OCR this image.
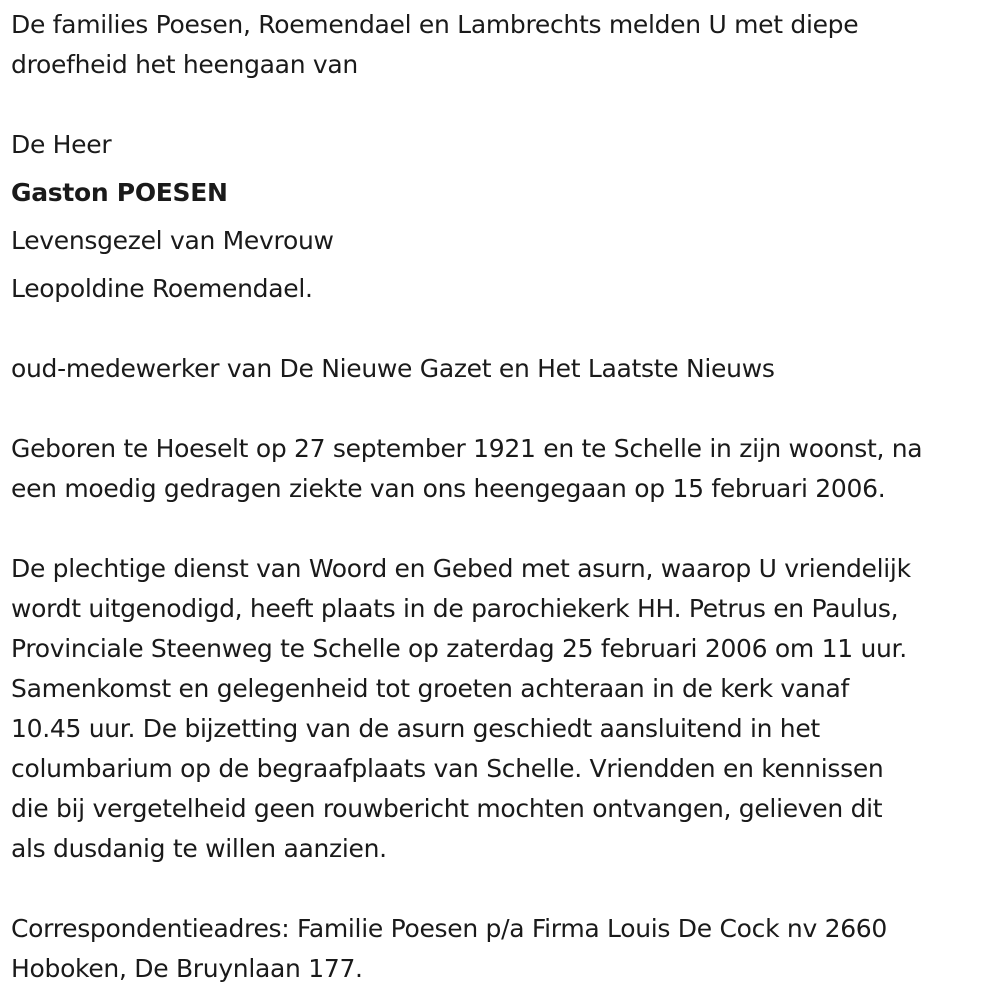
De families Poesen, Roemendael en Lambrechts melden U met diepe

droefheid het heengaan van

De Heer

Gaston POESEN

Levensgezel van Mevrouw

Leopoldine Roemendael.

oud-medewerker van De Nieuwe Gazet en Het Laatste Nieuws

Geboren te Hoeselt op 27 september 1921 en te Schelle in zijn woonst, na

een moedig gedragen ziekte van ons heengegaan op 15 februari 2006.

De plechtige dienst van Woord en Gebed met asurn, waarop U vriendelijk

wordt uitgenodigd, heeft plaats in de parochiekerk HH. Petrus en Paulus,

Provinciale Steenweg te Schelle op zaterdag 25 februari 2006 om 11 uur.

Samenkomst en gelegenheid tot groeten achteraan in de kerk vanaf

10.45 uur. De bijzetting van de asurn geschiedt aansluitend in het

columbarium op de begraafplaats van Schelle. Vriendden en kennissen

die bij vergetelheid geen rouwbericht mochten ontvangen, gelieven dit

als dusdanig te willen aanzien.

Correspondentieadres: Familie Poesen p/a Firma Louis De Cock nv 2660

Hoboken, De Bruynlaan 177.
